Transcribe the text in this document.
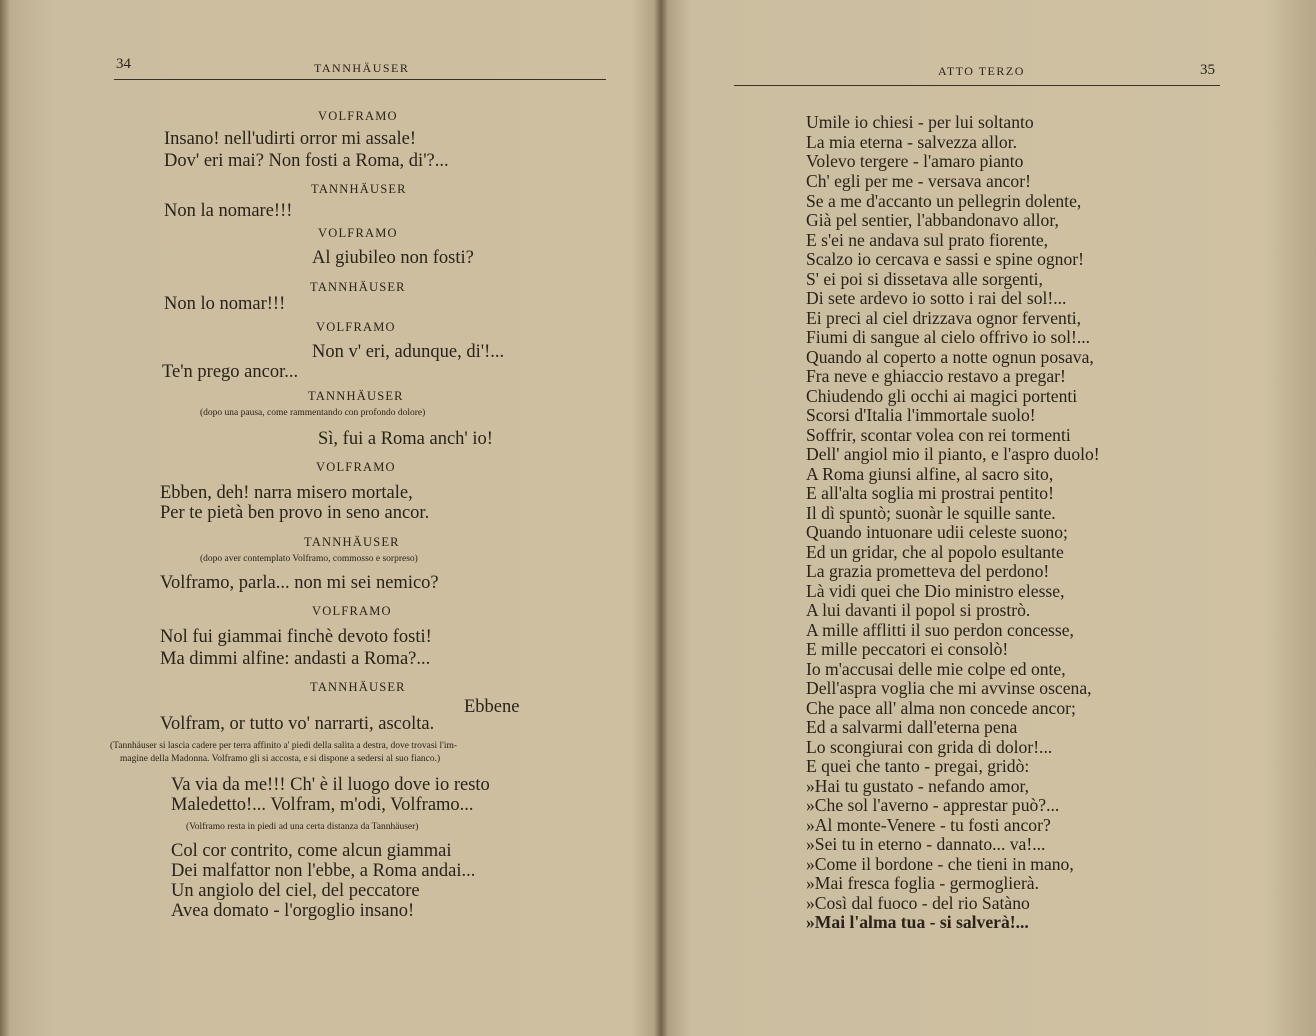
34	TANNHÄUSER
VOLFRAMO
Insano! nell'udirti orror mi assale!
Dov' eri mai? Non fosti a Roma, di'?...
TANNHÄUSER
Non la nomare!!!
VOLFRAMO
Al giubileo non fosti?
TANNHÄUSER
Non lo nomar!!!
VOLFRAMO
Non v' eri, adunque, di'!...
Te'n prego ancor...
TANNHÄUSER
(dopo una pausa, come rammentando con profondo dolore)
Sì, fui a Roma anch' io!
VOLFRAMO
Ebben, deh! narra misero mortale,
Per te pietà ben provo in seno ancor.
TANNHÄUSER
(dopo aver contemplato Volframo, commosso e sorpreso)
Volframo, parla... non mi sei nemico?
VOLFRAMO
Nol fui giammai finchè devoto fosti!
Ma dimmi alfine: andasti a Roma?...
TANNHÄUSER
Ebbene
Volfram, or tutto vo' narrarti, ascolta.
(Tannhäuser si lascia cadere per terra affinito a' piedi della salita a destra, dove trovasi l'im-
magine della Madonna. Volframo gli si accosta, e si dispone a sedersi al suo fianco.)
Va via da me!!! Ch' è il luogo dove io resto
Maledetto!... Volfram, m'odi, Volframo...
(Volframo resta in piedi ad una certa distanza da Tannhäuser)
Col cor contrito, come alcun giammai
Dei malfattor non l'ebbe, a Roma andai...
Un angiolo del ciel, del peccatore
Avea domato - l'orgoglio insano!
ATTO TERZO	35
Umile io chiesi - per lui soltanto
La mia eterna - salvezza allor.
Volevo tergere - l'amaro pianto
Ch' egli per me - versava ancor!
Se a me d'accanto un pellegrin dolente,
Già pel sentier, l'abbandonavo allor,
E s'ei ne andava sul prato fiorente,
Scalzo io cercava e sassi e spine ognor!
S' ei poi si dissetava alle sorgenti,
Di sete ardevo io sotto i rai del sol!...
Ei preci al ciel drizzava ognor ferventi,
Fiumi di sangue al cielo offrivo io sol!...
Quando al coperto a notte ognun posava,
Fra neve e ghiaccio restavo a pregar!
Chiudendo gli occhi ai magici portenti
Scorsi d'Italia l'immortale suolo!
Soffrir, scontar volea con rei tormenti
Dell' angiol mio il pianto, e l'aspro duolo!
A Roma giunsi alfine, al sacro sito,
E all'alta soglia mi prostrai pentito!
Il dì spuntò; suonàr le squille sante.
Quando intuonare udii celeste suono;
Ed un gridar, che al popolo esultante
La grazia prometteva del perdono!
Là vidi quei che Dio ministro elesse,
A lui davanti il popol si prostrò.
A mille afflitti il suo perdon concesse,
E mille peccatori ei consolò!
Io m'accusai delle mie colpe ed onte,
Dell'aspra voglia che mi avvinse oscena,
Che pace all' alma non concede ancor;
Ed a salvarmi dall'eterna pena
Lo scongiurai con grida di dolor!...
E quei che tanto - pregai, gridò:
»Hai tu gustato - nefando amor,
»Che sol l'averno - apprestar può?...
»Al monte-Venere - tu fosti ancor?
»Sei tu in eterno - dannato... va!...
»Come il bordone - che tieni in mano,
»Mai fresca foglia - germoglierà.
»Così dal fuoco - del rio Satàno
»Mai l'alma tua - si salverà!...
